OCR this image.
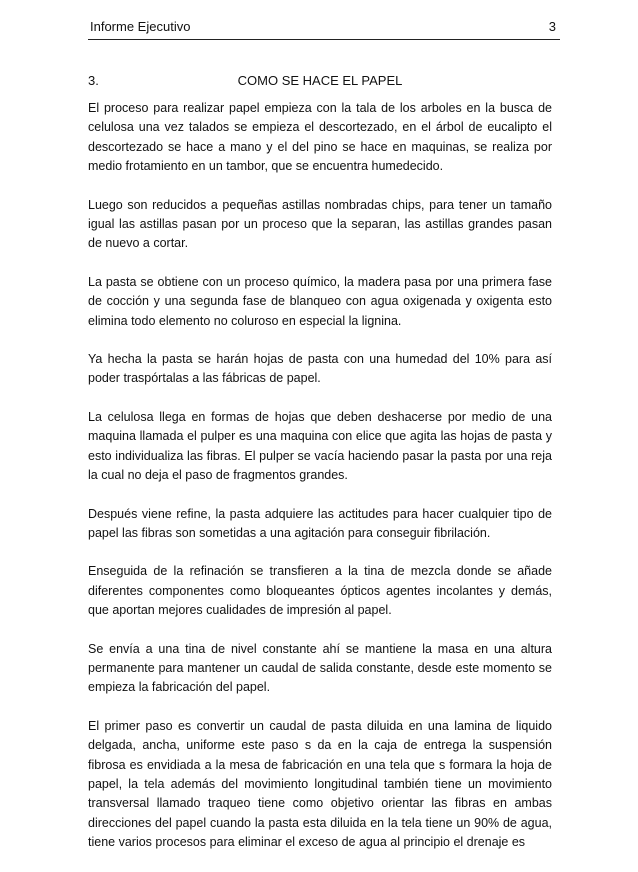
Informe Ejecutivo	3
3.	COMO SE HACE EL PAPEL

El proceso para realizar papel empieza con la tala de los arboles en la busca de celulosa una vez talados se empieza el descortezado, en el árbol de eucalipto el descortezado se hace a mano y el del pino se hace en maquinas, se realiza por medio frotamiento en un tambor, que se encuentra humedecido.

Luego son reducidos a pequeñas astillas nombradas chips, para tener un tamaño igual las astillas pasan por un proceso que la separan, las astillas grandes pasan de nuevo a cortar.

La pasta se obtiene con un proceso químico, la madera pasa por una primera fase de cocción y una segunda fase de blanqueo con agua oxigenada y oxigenta esto elimina todo elemento no coluroso en especial la lignina.

Ya hecha la pasta se harán hojas de pasta con una humedad del 10% para así poder traspórtalas a las fábricas de papel.

La celulosa llega en formas de hojas que deben deshacerse por medio de una maquina llamada el pulper es una maquina con elice que agita las hojas de pasta y esto individualiza las fibras. El pulper se vacía haciendo pasar la pasta por una reja la cual no deja el paso de fragmentos grandes.

Después viene refine, la pasta adquiere las actitudes para hacer cualquier tipo de papel las fibras son sometidas a una agitación para conseguir fibrilación.

Enseguida de la refinación se transfieren a la tina de mezcla donde se añade diferentes componentes como bloqueantes ópticos agentes incolantes y demás, que aportan mejores cualidades de impresión al papel.

Se envía a una tina de nivel constante ahí se mantiene la masa en una altura permanente para mantener un caudal de salida constante, desde este momento se empieza la fabricación del papel.

El primer paso es convertir un caudal de pasta diluida en una lamina de liquido delgada, ancha, uniforme este paso s da en la caja de entrega la suspensión fibrosa es envidiada a la mesa de fabricación en una tela que s formara la hoja de papel, la tela además del movimiento longitudinal también tiene un movimiento transversal llamado traqueo tiene como objetivo orientar las fibras en ambas direcciones del papel cuando la pasta esta diluida en la tela tiene un 90% de agua, tiene varios procesos para eliminar el exceso de agua al principio el drenaje es
